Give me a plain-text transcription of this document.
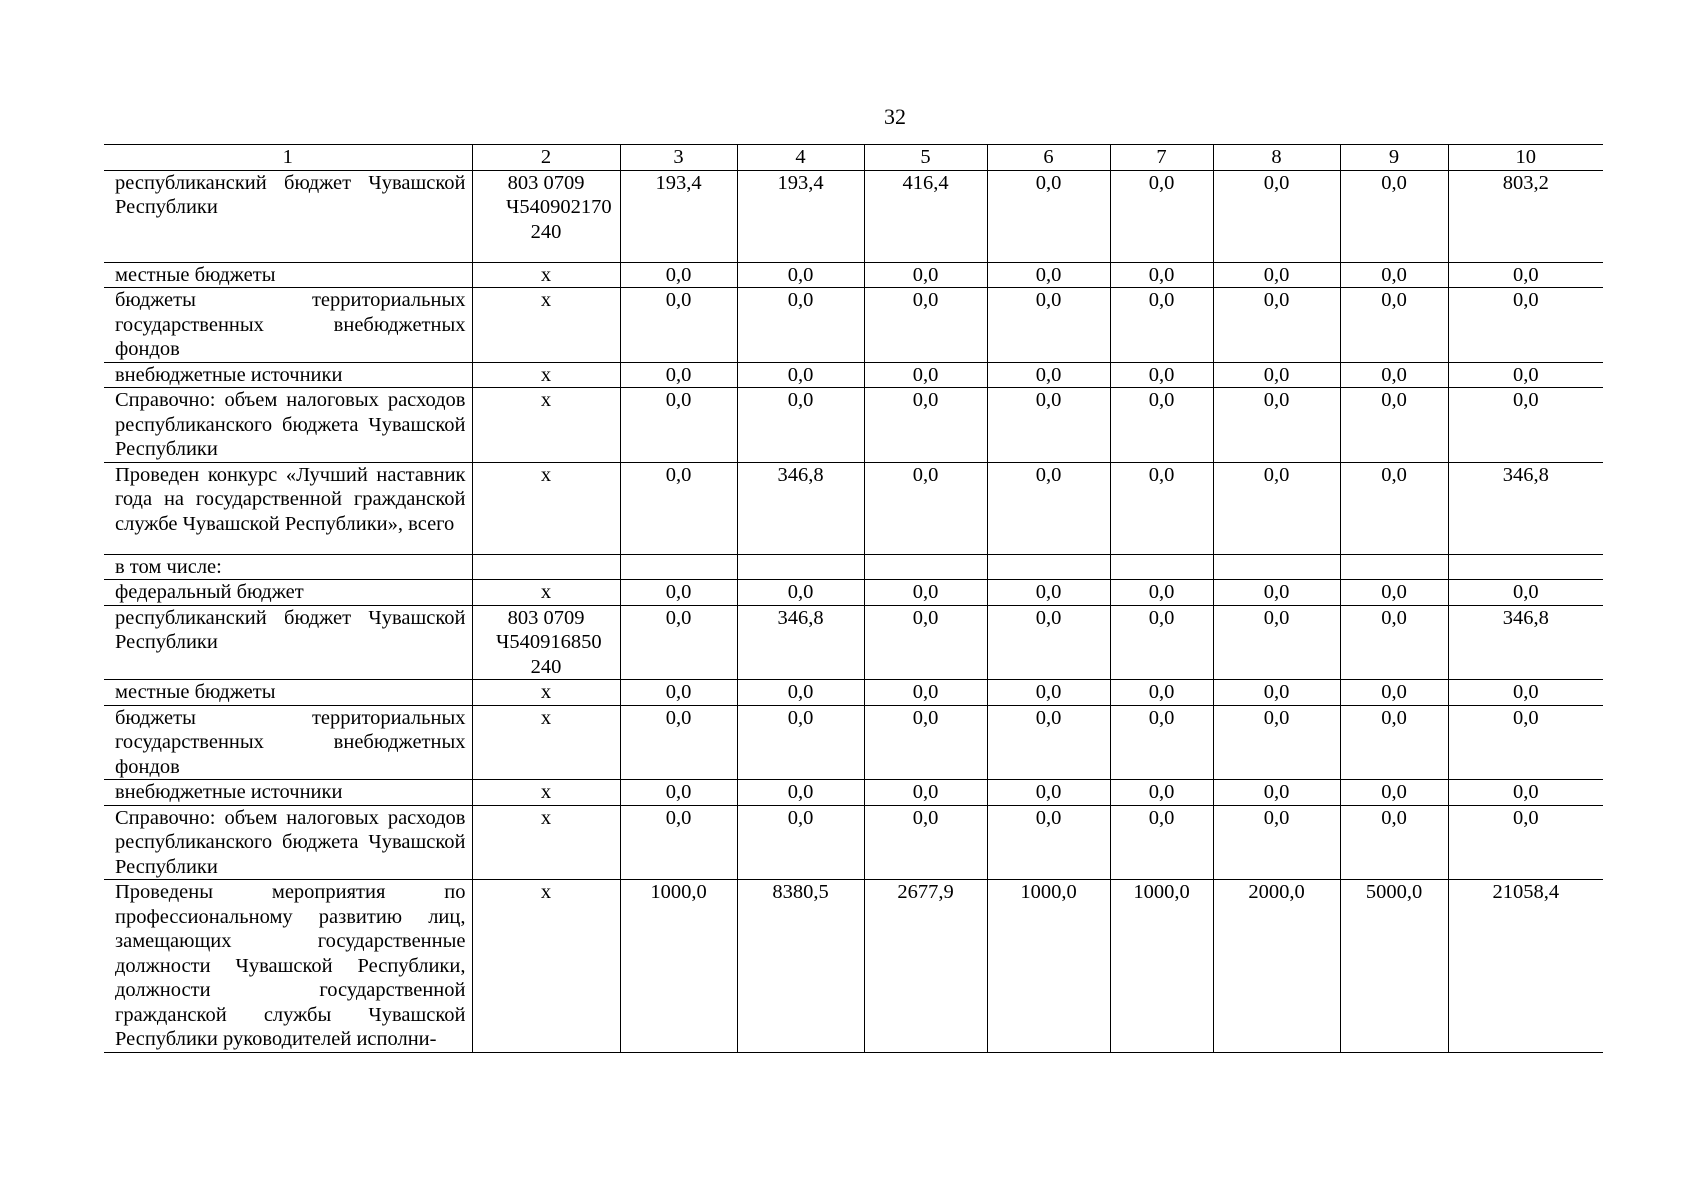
32
1	2	3	4	5	6	7	8	9	10
республиканский бюджет Чувашской Республики	803 0709 Ч540902170 240	193,4	193,4	416,4	0,0	0,0	0,0	0,0	803,2
местные бюджеты	x	0,0	0,0	0,0	0,0	0,0	0,0	0,0	0,0
бюджеты территориальных государственных внебюджетных фондов	x	0,0	0,0	0,0	0,0	0,0	0,0	0,0	0,0
внебюджетные источники	x	0,0	0,0	0,0	0,0	0,0	0,0	0,0	0,0
Справочно: объем налоговых расходов республиканского бюджета Чувашской Республики	x	0,0	0,0	0,0	0,0	0,0	0,0	0,0	0,0
Проведен конкурс «Лучший наставник года на государственной гражданской службе Чувашской Республики», всего	x	0,0	346,8	0,0	0,0	0,0	0,0	0,0	346,8
в том числе:	

федеральный бюджет	x	0,0	0,0	0,0	0,0	0,0	0,0	0,0	0,0
республиканский бюджет Чувашской Республики	803 0709 Ч540916850 240	0,0	346,8	0,0	0,0	0,0	0,0	0,0	346,8
местные бюджеты	x	0,0	0,0	0,0	0,0	0,0	0,0	0,0	0,0
бюджеты территориальных государственных внебюджетных фондов	x	0,0	0,0	0,0	0,0	0,0	0,0	0,0	0,0
внебюджетные источники	x	0,0	0,0	0,0	0,0	0,0	0,0	0,0	0,0
Справочно: объем налоговых расходов республиканского бюджета Чувашской Республики	x	0,0	0,0	0,0	0,0	0,0	0,0	0,0	0,0
Проведены мероприятия по профессиональному развитию лиц, замещающих государственные должности Чувашской Республики, должности государственной гражданской службы Чувашской Республики руководителей исполни-	x	1000,0	8380,5	2677,9	1000,0	1000,0	2000,0	5000,0	21058,4
